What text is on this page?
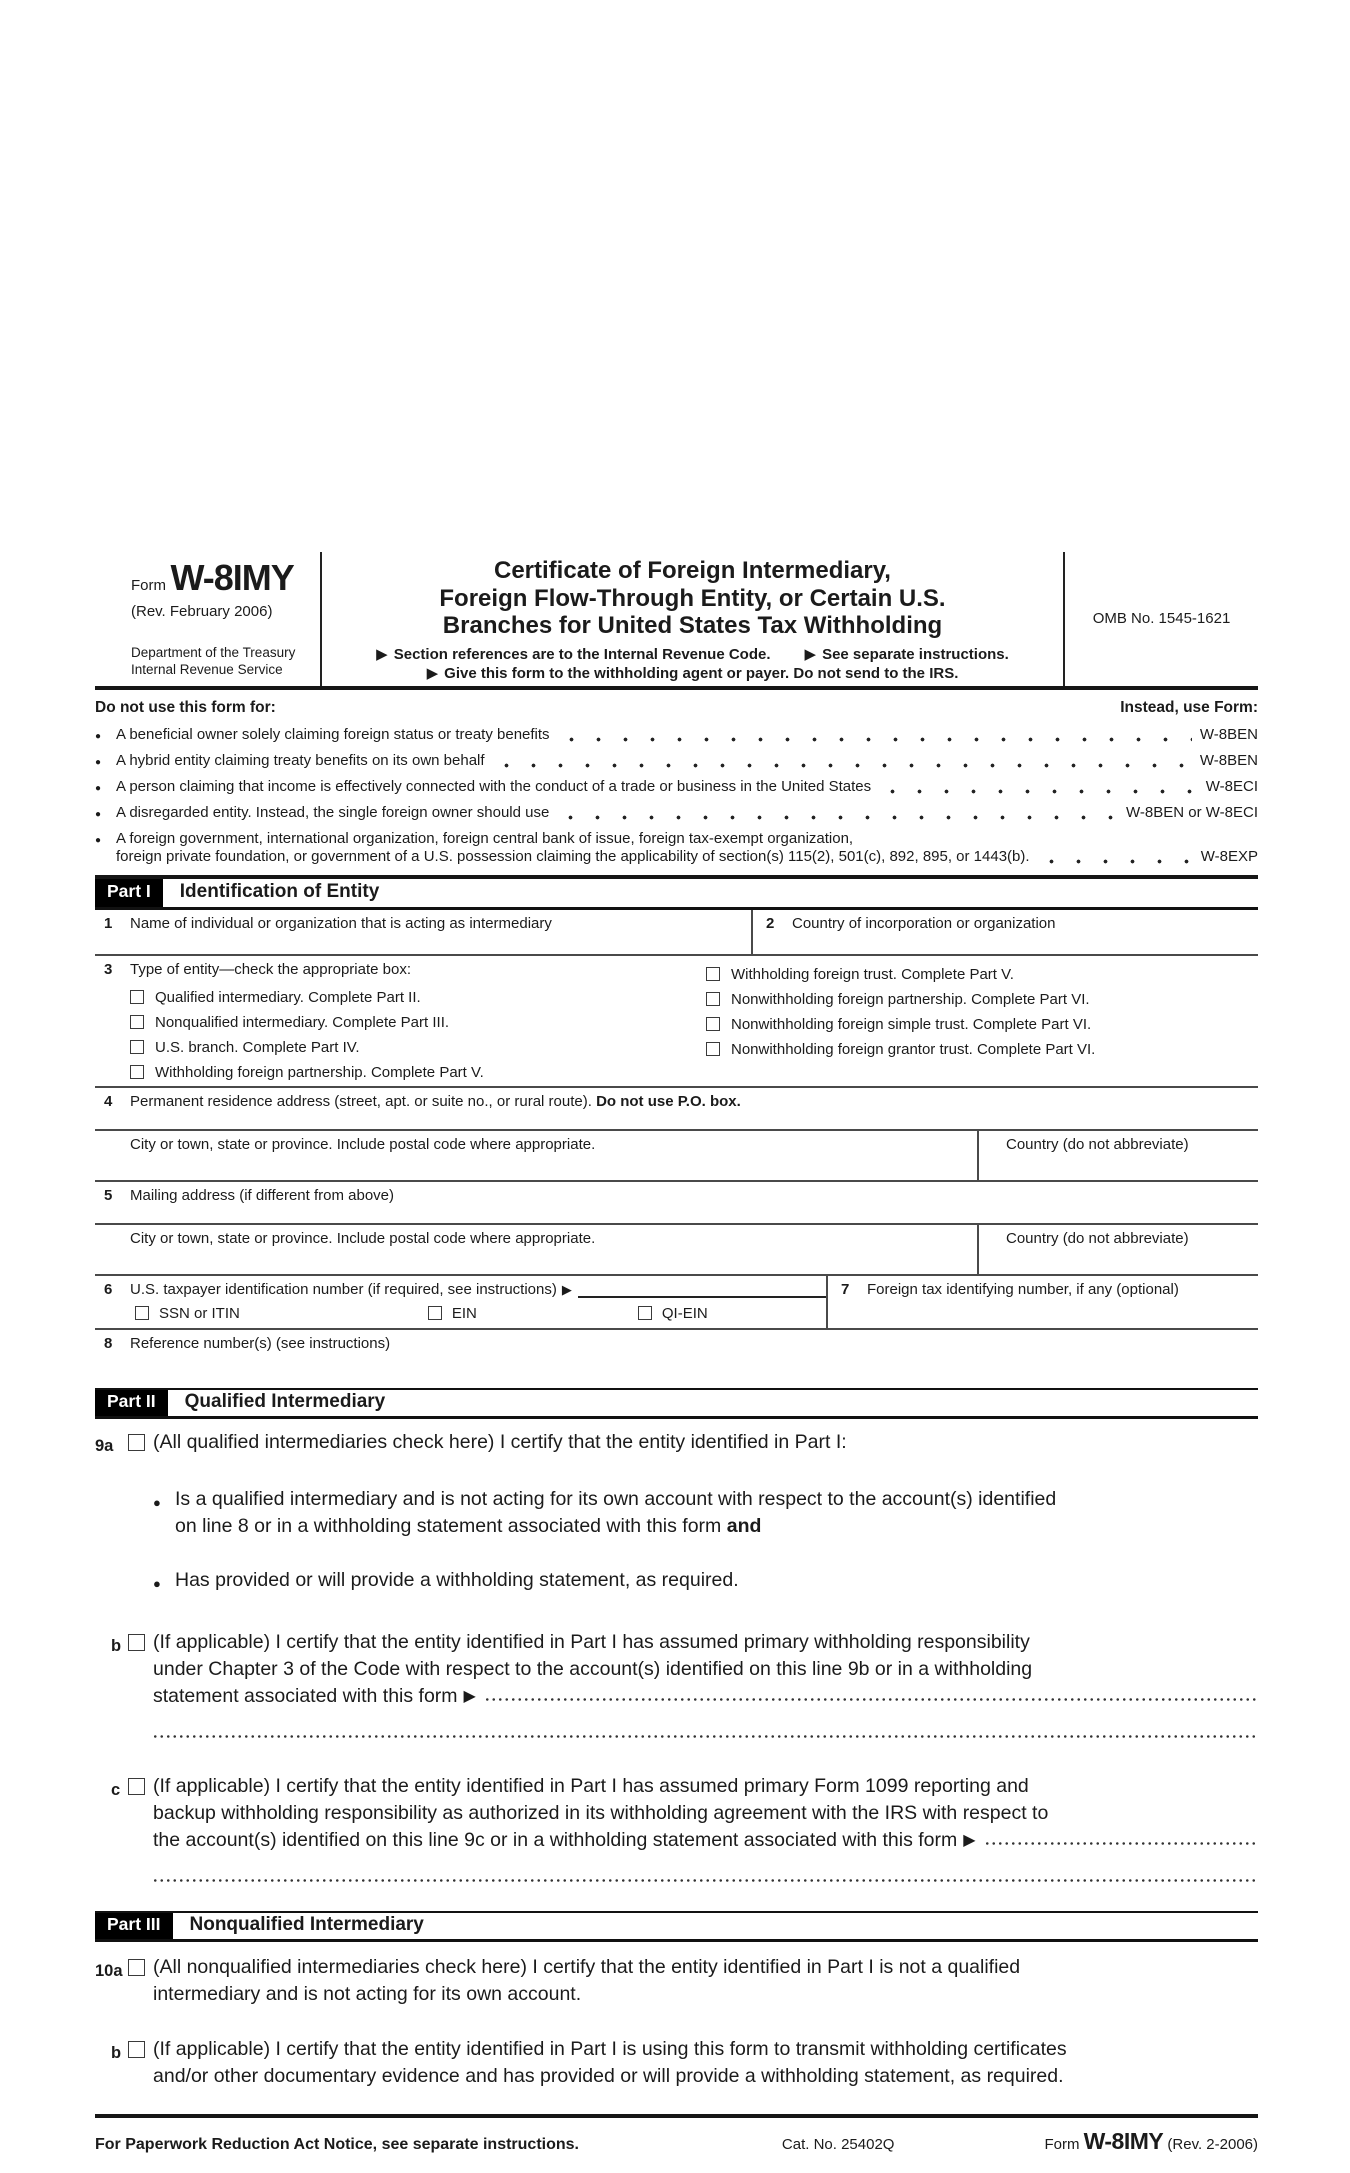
Form W-8IMY
(Rev. February 2006)
Department of the Treasury
Internal Revenue Service
Certificate of Foreign Intermediary,
Foreign Flow-Through Entity, or Certain U.S.
Branches for United States Tax Withholding
▶ Section references are to the Internal Revenue Code. ▶ See separate instructions.
▶ Give this form to the withholding agent or payer. Do not send to the IRS.
OMB No. 1545-1621
Do not use this form for:	Instead, use Form:
● A beneficial owner solely claiming foreign status or treaty benefits	W-8BEN
● A hybrid entity claiming treaty benefits on its own behalf	W-8BEN
● A person claiming that income is effectively connected with the conduct of a trade or business in the United States	W-8ECI
● A disregarded entity. Instead, the single foreign owner should use	W-8BEN or W-8ECI
● A foreign government, international organization, foreign central bank of issue, foreign tax-exempt organization,
foreign private foundation, or government of a U.S. possession claiming the applicability of section(s) 115(2), 501(c), 892, 895, or 1443(b).	W-8EXP
Part I	Identification of Entity
1	Name of individual or organization that is acting as intermediary	2	Country of incorporation or organization
3	Type of entity—check the appropriate box:
Qualified intermediary. Complete Part II.
Nonqualified intermediary. Complete Part III.
U.S. branch. Complete Part IV.
Withholding foreign partnership. Complete Part V.
Withholding foreign trust. Complete Part V.
Nonwithholding foreign partnership. Complete Part VI.
Nonwithholding foreign simple trust. Complete Part VI.
Nonwithholding foreign grantor trust. Complete Part VI.
4	Permanent residence address (street, apt. or suite no., or rural route). Do not use P.O. box.
City or town, state or province. Include postal code where appropriate.	Country (do not abbreviate)
5	Mailing address (if different from above)
City or town, state or province. Include postal code where appropriate.	Country (do not abbreviate)
6	U.S. taxpayer identification number (if required, see instructions) ▶
SSN or ITIN	EIN	QI-EIN
7	Foreign tax identifying number, if any (optional)
8	Reference number(s) (see instructions)
Part II	Qualified Intermediary
9a	(All qualified intermediaries check here) I certify that the entity identified in Part I:
● Is a qualified intermediary and is not acting for its own account with respect to the account(s) identified
on line 8 or in a withholding statement associated with this form and
● Has provided or will provide a withholding statement, as required.
b	(If applicable) I certify that the entity identified in Part I has assumed primary withholding responsibility
under Chapter 3 of the Code with respect to the account(s) identified on this line 9b or in a withholding
statement associated with this form ▶
c	(If applicable) I certify that the entity identified in Part I has assumed primary Form 1099 reporting and
backup withholding responsibility as authorized in its withholding agreement with the IRS with respect to
the account(s) identified on this line 9c or in a withholding statement associated with this form ▶
Part III	Nonqualified Intermediary
10a (All nonqualified intermediaries check here) I certify that the entity identified in Part I is not a qualified
intermediary and is not acting for its own account.
b	(If applicable) I certify that the entity identified in Part I is using this form to transmit withholding certificates
and/or other documentary evidence and has provided or will provide a withholding statement, as required.
For Paperwork Reduction Act Notice, see separate instructions.	Cat. No. 25402Q	Form W-8IMY (Rev. 2-2006)
